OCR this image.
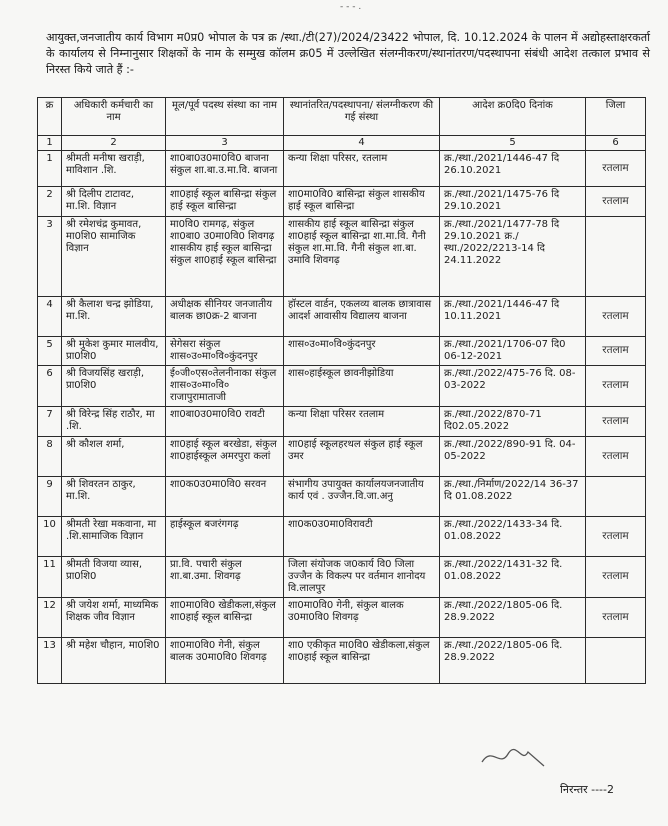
- - - .
आयुक्त,जनजातीय कार्य विभाग म0प्र0 भोपाल के पत्र क्र /स्था./टी(27)/2024/23422 भोपाल, दि. 10.12.2024 के पालन में अद्योहस्ताक्षरकर्ता के कार्यालय से निम्नानुसार शिक्षकों के नाम के सम्मुख कॉलम क्र05 में उल्लेखित संलग्नीकरण/स्थानांतरण/पदस्थापना संबंधी आदेश तत्काल प्रभाव से निरस्त किये जाते हैं :-
क्र	अधिकारी कर्मचारी का नाम	मूल/पूर्व पदस्थ संस्था का नाम	स्थानांतरित/पदस्थापना/ संलग्नीकरण की गई संस्था	आदेश क्र0दि0 दिनांक	जिला
1	2	3	4	5	6
1	श्रीमती मनीषा खराड़ी, माविशान .शि.	शा0बा0उ0मा0वि0 बाजना संकुल शा.बा.उ.मा.वि. बाजना	कन्या शिक्षा परिसर, रतलाम	क्र./स्था./2021/1446-47 दि 26.10.2021	रतलाम
2	श्री दिलीप टाटावट, मा.शि. विज्ञान	शा0हाई स्कूल बासिन्द्रा संकुल हाई स्कूल बासिन्द्रा	शा0मा0वि0 बासिन्द्रा संकुल शासकीय हाई स्कूल बासिन्द्रा	क्र./स्था./2021/1475-76 दि 29.10.2021	रतलाम
3	श्री रमेशचंद्र कुमावत, मा0शि0 सामाजिक विज्ञान	मा0वि0 रामगढ़, संकुल शा0बा0 उ0मा0वि0 शिवगढ़ शासकीय हाई स्कूल बासिन्द्रा संकुल शा0हाई स्कूल बासिन्द्रा	शासकीय हाई स्कूल बासिन्द्रा संकुल शा0हाई स्कूल बासिन्द्रा शा.मा.वि. गैनी संकुल शा.मा.वि. गैनी संकुल शा.बा. उमावि शिवगढ़	क्र./स्था./2021/1477-78 दि 29.10.2021 क्र./स्था./2022/2213-14 दि 24.11.2022	
4	श्री कैलाश चन्द्र झोडिया, मा.शि.	अधीक्षक सीनियर जनजातीय बालक छा0क्र-2 बाजना	हॉस्टल वार्डन, एकलव्य बालक छात्रावास आदर्श आवासीय विद्यालय बाजना	क्र./स्था./2021/1446-47 दि 10.11.2021	रतलाम
5	श्री मुकेश कुमार मालवीय, प्रा0शि0	सेगेसरा संकुल शास०उ०मा०वि०कुंदनपुर	शास०उ०मा०वि०कुंदनपुर	क्र./स्था./2021/1706-07 दि0 06-12-2021	रतलाम
6	श्री विजयसिंह खराड़ी, प्रा0शि0	ई०जी०एस०तेलनीनाका संकुल शास०उ०मा०वि० राजापुरामाताजी	शास०हाईस्कूल छावनीझोडिया	क्र./स्था./2022/475-76 दि. 08-03-2022	रतलाम
7	श्री विरेन्द्र सिंह राठौर, मा .शि.	शा0बा0उ0मा0वि0 रावटी	कन्या शिक्षा परिसर रतलाम	क्र./स्था./2022/870-71 दि02.05.2022	रतलाम
8	श्री कौशल शर्मा,	शा0हाई स्कूल बरखेडा, संकुल शा0हाईस्कूल अमरपुरा कलां	शा0हाई स्कूलहरथल संकुल हाई स्कूल उमर	क्र./स्था./2022/890-91 दि. 04-05-2022	रतलाम
9	श्री शिवरतन ठाकुर, मा.शि.	शा0क0उ0मा0वि0 सरवन	संभागीय उपायुक्त कार्यालयजनजातीय कार्य एवं . उज्जैन.वि.जा.अनु	क्र./स्था./निर्माण/2022/14 36-37 दि 01.08.2022	
10	श्रीमती रेखा मकवाना, मा .शि.सामाजिक विज्ञान	हाईस्कूल बजरंगगढ़	शा0क0उ0मा0विरावटी	क्र./स्था./2022/1433-34 दि. 01.08.2022	रतलाम
11	श्रीमती विजया व्यास, प्रा0शि0	प्रा.वि. पचारी संकुल शा.बा.उमा. शिवगढ़	जिला संयोजक ज0कार्य वि0 जिला उज्जैन के विकल्प पर वर्तमान शानोदय वि.लालपुर	क्र./स्था./2022/1431-32 दि. 01.08.2022	रतलाम
12	श्री जयेश शर्मा, माध्यमिक शिक्षक जीव विज्ञान	शा0मा0वि0 खेडीकला,संकुल शा0हाई स्कूल बासिन्द्रा	शा0मा0वि0 गेनी, संकुल बालक उ0मा0वि0 शिवगढ़	क्र./स्था./2022/1805-06 दि. 28.9.2022	रतलाम
13	श्री महेश चौहान, मा0शि0	शा0मा0वि0 गेनी, संकुल बालक उ0मा0वि0 शिवगढ़	शा0 एकीकृत मा0वि0 खेडीकला,संकुल शा0हाई स्कूल बासिन्द्रा	क्र./स्था./2022/1805-06 दि. 28.9.2022	
निरन्तर ----2
